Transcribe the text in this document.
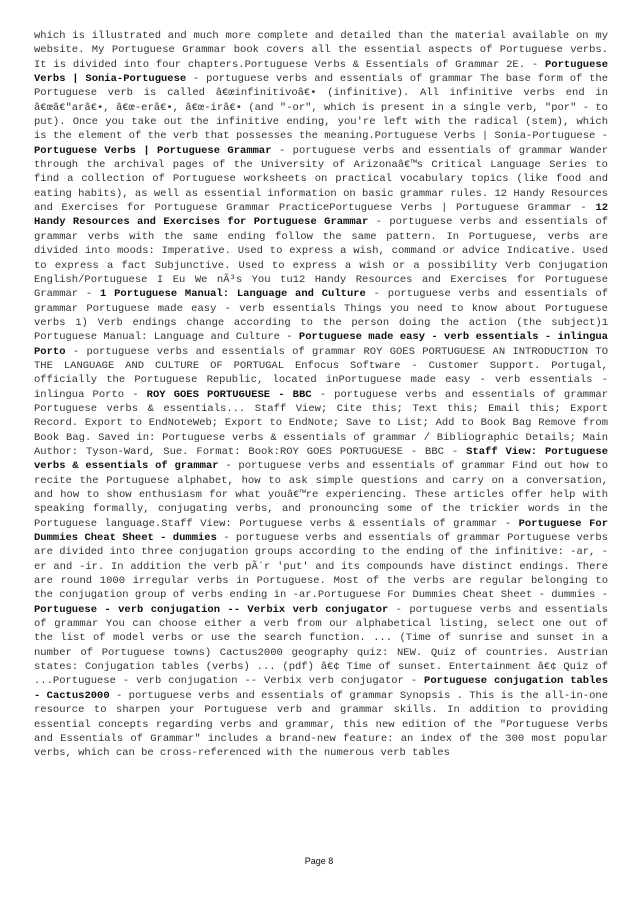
which is illustrated and much more complete and detailed than the material available on my website. My Portuguese Grammar book covers all the essential aspects of Portuguese verbs. It is divided into four chapters.Portuguese Verbs & Essentials of Grammar 2E. - Portuguese Verbs | Sonia-Portuguese - portuguese verbs and essentials of grammar The base form of the Portuguese verb is called â€œinfinitivoâ€• (infinitive). All infinitive verbs end in â€œâ€"arâ€•, â€œ-erâ€•, â€œ-irâ€• (and "-or", which is present in a single verb, "por" - to put). Once you take out the infinitive ending, you're left with the radical (stem), which is the element of the verb that possesses the meaning.Portuguese Verbs | Sonia-Portuguese - Portuguese Verbs | Portuguese Grammar - portuguese verbs and essentials of grammar Wander through the archival pages of the University of Arizonaâ€™s Critical Language Series to find a collection of Portuguese worksheets on practical vocabulary topics (like food and eating habits), as well as essential information on basic grammar rules. 12 Handy Resources and Exercises for Portuguese Grammar PracticePortuguese Verbs | Portuguese Grammar - 12 Handy Resources and Exercises for Portuguese Grammar - portuguese verbs and essentials of grammar verbs with the same ending follow the same pattern. In Portuguese, verbs are divided into moods: Imperative. Used to express a wish, command or advice Indicative. Used to express a fact Subjunctive. Used to express a wish or a possibility Verb Conjugation English/Portuguese I Eu We nÃ³s You tu12 Handy Resources and Exercises for Portuguese Grammar - 1 Portuguese Manual: Language and Culture - portuguese verbs and essentials of grammar Portuguese made easy - verb essentials Things you need to know about Portuguese verbs 1) Verb endings change according to the person doing the action (the subject)1 Portuguese Manual: Language and Culture - Portuguese made easy - verb essentials - inlingua Porto - portuguese verbs and essentials of grammar ROY GOES PORTUGUESE AN INTRODUCTION TO THE LANGUAGE AND CULTURE OF PORTUGAL Enfocus Software - Customer Support. Portugal, officially the Portuguese Republic, located inPortuguese made easy - verb essentials - inlingua Porto - ROY GOES PORTUGUESE - BBC - portuguese verbs and essentials of grammar Portuguese verbs & essentials... Staff View; Cite this; Text this; Email this; Export Record. Export to EndNoteWeb; Export to EndNote; Save to List; Add to Book Bag Remove from Book Bag. Saved in: Portuguese verbs & essentials of grammar / Bibliographic Details; Main Author: Tyson-Ward, Sue. Format: Book:ROY GOES PORTUGUESE - BBC - Staff View: Portuguese verbs & essentials of grammar - portuguese verbs and essentials of grammar Find out how to recite the Portuguese alphabet, how to ask simple questions and carry on a conversation, and how to show enthusiasm for what youâ€™re experiencing. These articles offer help with speaking formally, conjugating verbs, and pronouncing some of the trickier words in the Portuguese language.Staff View: Portuguese verbs & essentials of grammar - Portuguese For Dummies Cheat Sheet - dummies - portuguese verbs and essentials of grammar Portuguese verbs are divided into three conjugation groups according to the ending of the infinitive: -ar, -er and -ir. In addition the verb pÃ´r 'put' and its compounds have distinct endings. There are round 1000 irregular verbs in Portuguese. Most of the verbs are regular belonging to the conjugation group of verbs ending in -ar.Portuguese For Dummies Cheat Sheet - dummies - Portuguese - verb conjugation -- Verbix verb conjugator - portuguese verbs and essentials of grammar You can choose either a verb from our alphabetical listing, select one out of the list of model verbs or use the search function. ... (Time of sunrise and sunset in a number of Portuguese towns) Cactus2000 geography quiz: NEW. Quiz of countries. Austrian states: Conjugation tables (verbs) ... (pdf) â€¢ Time of sunset. Entertainment â€¢ Quiz of ...Portuguese - verb conjugation -- Verbix verb conjugator - Portuguese conjugation tables - Cactus2000 - portuguese verbs and essentials of grammar Synopsis . This is the all-in-one resource to sharpen your Portuguese verb and grammar skills. In addition to providing essential concepts regarding verbs and grammar, this new edition of the "Portuguese Verbs and Essentials of Grammar" includes a brand-new feature: an index of the 300 most popular verbs, which can be cross-referenced with the numerous verb tables
Page 8
